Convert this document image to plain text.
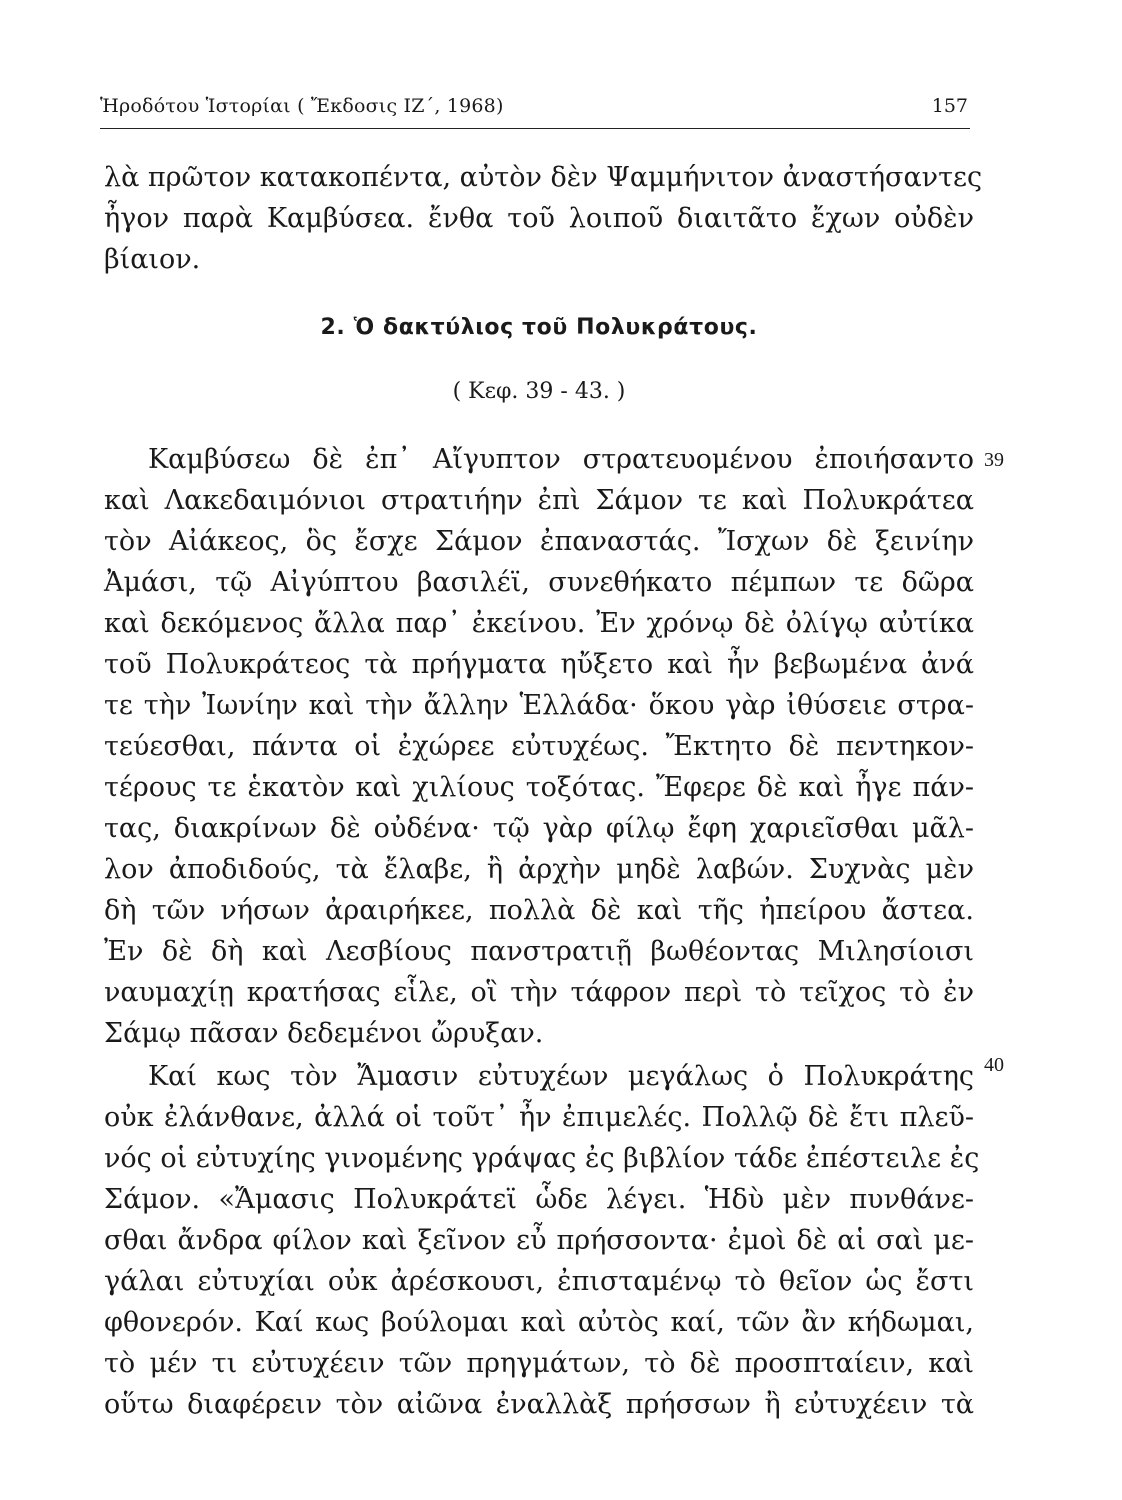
Ἡροδότου Ἱστορίαι ( Ἔκδοσις ΙΖ΄, 1968)	157
λὰ πρῶτον κατακοπέντα, αὐτὸν δὲν Ψαμμήνιτον ἀναστήσαντες
ἦγον παρὰ Καμβύσεα. ἔνθα τοῦ λοιποῦ διαιτᾶτο ἔχων οὐδὲν
βίαιον.
2. Ὁ δακτύλιος τοῦ Πολυκράτους.
( Κεφ. 39 - 43. )
Καμβύσεω δὲ ἐπ᾽ Αἴγυπτον στρατευομένου ἐποιήσαντο
καὶ Λακεδαιμόνιοι στρατιήην ἐπὶ Σάμον τε καὶ Πολυκράτεα
τὸν Αἰάκεος, ὃς ἔσχε Σάμον ἐπαναστάς. Ἴσχων δὲ ξεινίην
Ἀμάσι, τῷ Αἰγύπτου βασιλέϊ, συνεθήκατο πέμπων τε δῶρα
καὶ δεκόμενος ἄλλα παρ᾽ ἐκείνου. Ἐν χρόνῳ δὲ ὀλίγῳ αὐτίκα
τοῦ Πολυκράτεος τὰ πρήγματα ηὔξετο καὶ ἦν βεβωμένα ἀνά
τε τὴν Ἰωνίην καὶ τὴν ἄλλην Ἑλλάδα· ὅκου γὰρ ἰθύσειε στρα-
τεύεσθαι, πάντα οἱ ἐχώρεε εὐτυχέως. Ἔκτητο δὲ πεντηκον-
τέρους τε ἑκατὸν καὶ χιλίους τοξότας. Ἔφερε δὲ καὶ ἦγε πάν-
τας, διακρίνων δὲ οὐδένα· τῷ γὰρ φίλῳ ἔφη χαριεῖσθαι μᾶλ-
λον ἀποδιδούς, τὰ ἔλαβε, ἢ ἀρχὴν μηδὲ λαβών. Συχνὰς μὲν
δὴ τῶν νήσων ἀραιρήκεε, πολλὰ δὲ καὶ τῆς ἠπείρου ἄστεα.
Ἐν δὲ δὴ καὶ Λεσβίους πανστρατιῇ βωθέοντας Μιλησίοισι
ναυμαχίῃ κρατήσας εἷλε, οἳ τὴν τάφρον περὶ τὸ τεῖχος τὸ ἐν
Σάμῳ πᾶσαν δεδεμένοι ὤρυξαν.
39
Καί κως τὸν Ἄμασιν εὐτυχέων μεγάλως ὁ Πολυκράτης
οὐκ ἐλάνθανε, ἀλλά οἱ τοῦτ᾽ ἦν ἐπιμελές. Πολλῷ δὲ ἔτι πλεῦ-
νός οἱ εὐτυχίης γινομένης γράψας ἐς βιβλίον τάδε ἐπέστειλε ἐς
Σάμον. «Ἄμασις Πολυκράτεϊ ὧδε λέγει. Ἡδὺ μὲν πυνθάνε-
σθαι ἄνδρα φίλον καὶ ξεῖνον εὖ πρήσσοντα· ἐμοὶ δὲ αἱ σαὶ με-
γάλαι εὐτυχίαι οὐκ ἀρέσκουσι, ἐπισταμένῳ τὸ θεῖον ὡς ἔστι
φθονερόν. Καί κως βούλομαι καὶ αὐτὸς καί, τῶν ἂν κήδωμαι,
τὸ μέν τι εὐτυχέειν τῶν πρηγμάτων, τὸ δὲ προσπταίειν, καὶ
οὕτω διαφέρειν τὸν αἰῶνα ἐναλλὰξ πρήσσων ἢ εὐτυχέειν τὰ
40
